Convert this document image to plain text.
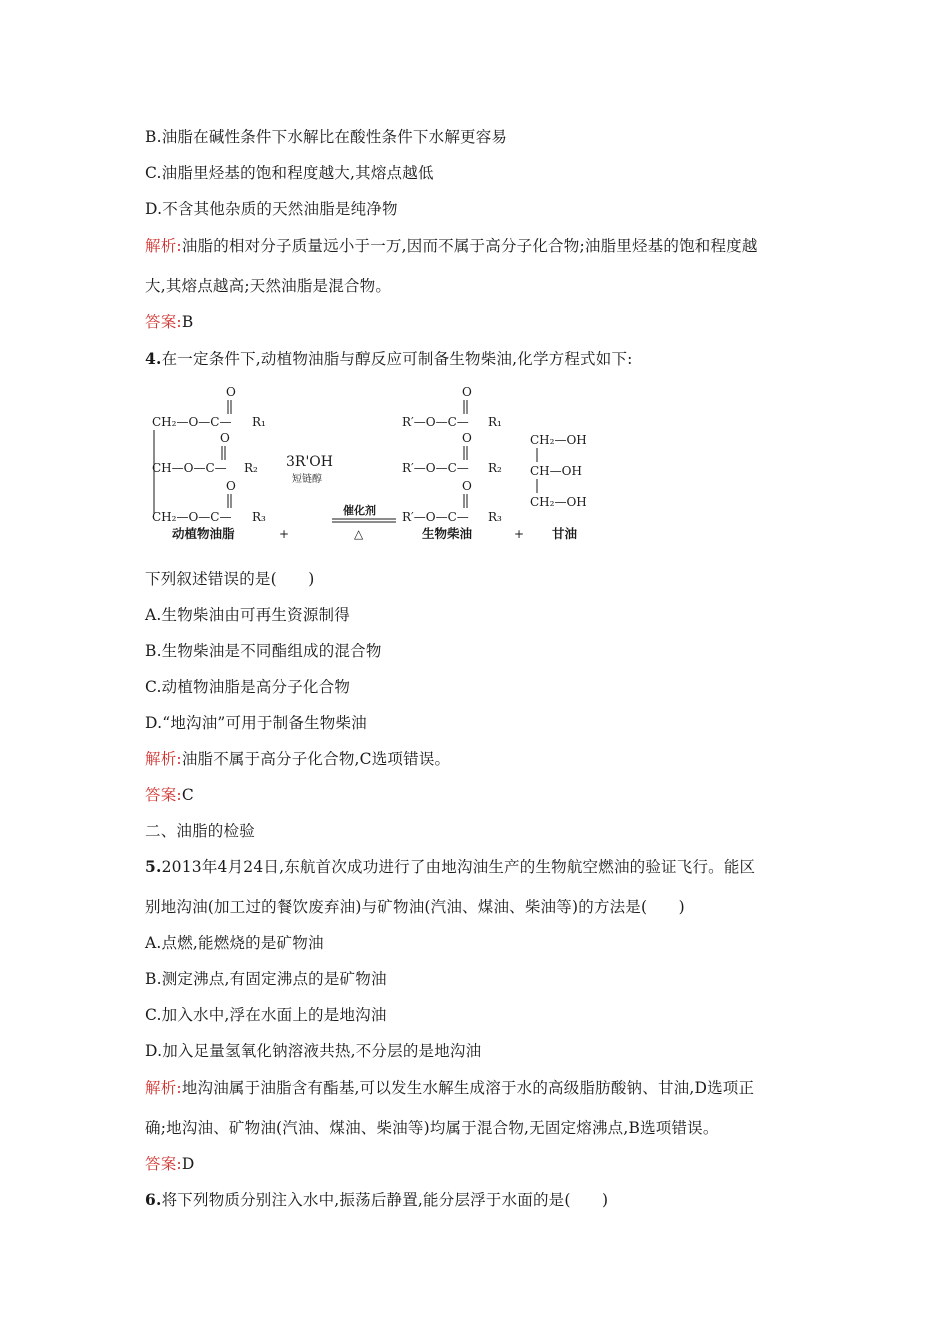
B.油脂在碱性条件下水解比在酸性条件下水解更容易
C.油脂里烃基的饱和程度越大,其熔点越低
D.不含其他杂质的天然油脂是纯净物
解析:油脂的相对分子质量远小于一万,因而不属于高分子化合物;油脂里烃基的饱和程度越
大,其熔点越高;天然油脂是混合物。
答案:B
4.在一定条件下,动植物油脂与醇反应可制备生物柴油,化学方程式如下:
O
CH₂—O—C— R₁
O
CH—O—C— R₂
O
CH₂—O—C— R₃
动植物油脂	+
3R'OH
短链醇
催化剂
△
O
R′—O—C— R₁
O
R′—O—C— R₂
O
R′—O—C— R₃
生物柴油	+
CH₂—OH
CH—OH
CH₂—OH
甘油
下列叙述错误的是(　　)
A.生物柴油由可再生资源制得
B.生物柴油是不同酯组成的混合物
C.动植物油脂是高分子化合物
D.“地沟油”可用于制备生物柴油
解析:油脂不属于高分子化合物,C选项错误。
答案:C
二、油脂的检验
5.2013年4月24日,东航首次成功进行了由地沟油生产的生物航空燃油的验证飞行。能区
别地沟油(加工过的餐饮废弃油)与矿物油(汽油、煤油、柴油等)的方法是(　　)
A.点燃,能燃烧的是矿物油
B.测定沸点,有固定沸点的是矿物油
C.加入水中,浮在水面上的是地沟油
D.加入足量氢氧化钠溶液共热,不分层的是地沟油
解析:地沟油属于油脂含有酯基,可以发生水解生成溶于水的高级脂肪酸钠、甘油,D选项正
确;地沟油、矿物油(汽油、煤油、柴油等)均属于混合物,无固定熔沸点,B选项错误。
答案:D
6.将下列物质分别注入水中,振荡后静置,能分层浮于水面的是(　　)
